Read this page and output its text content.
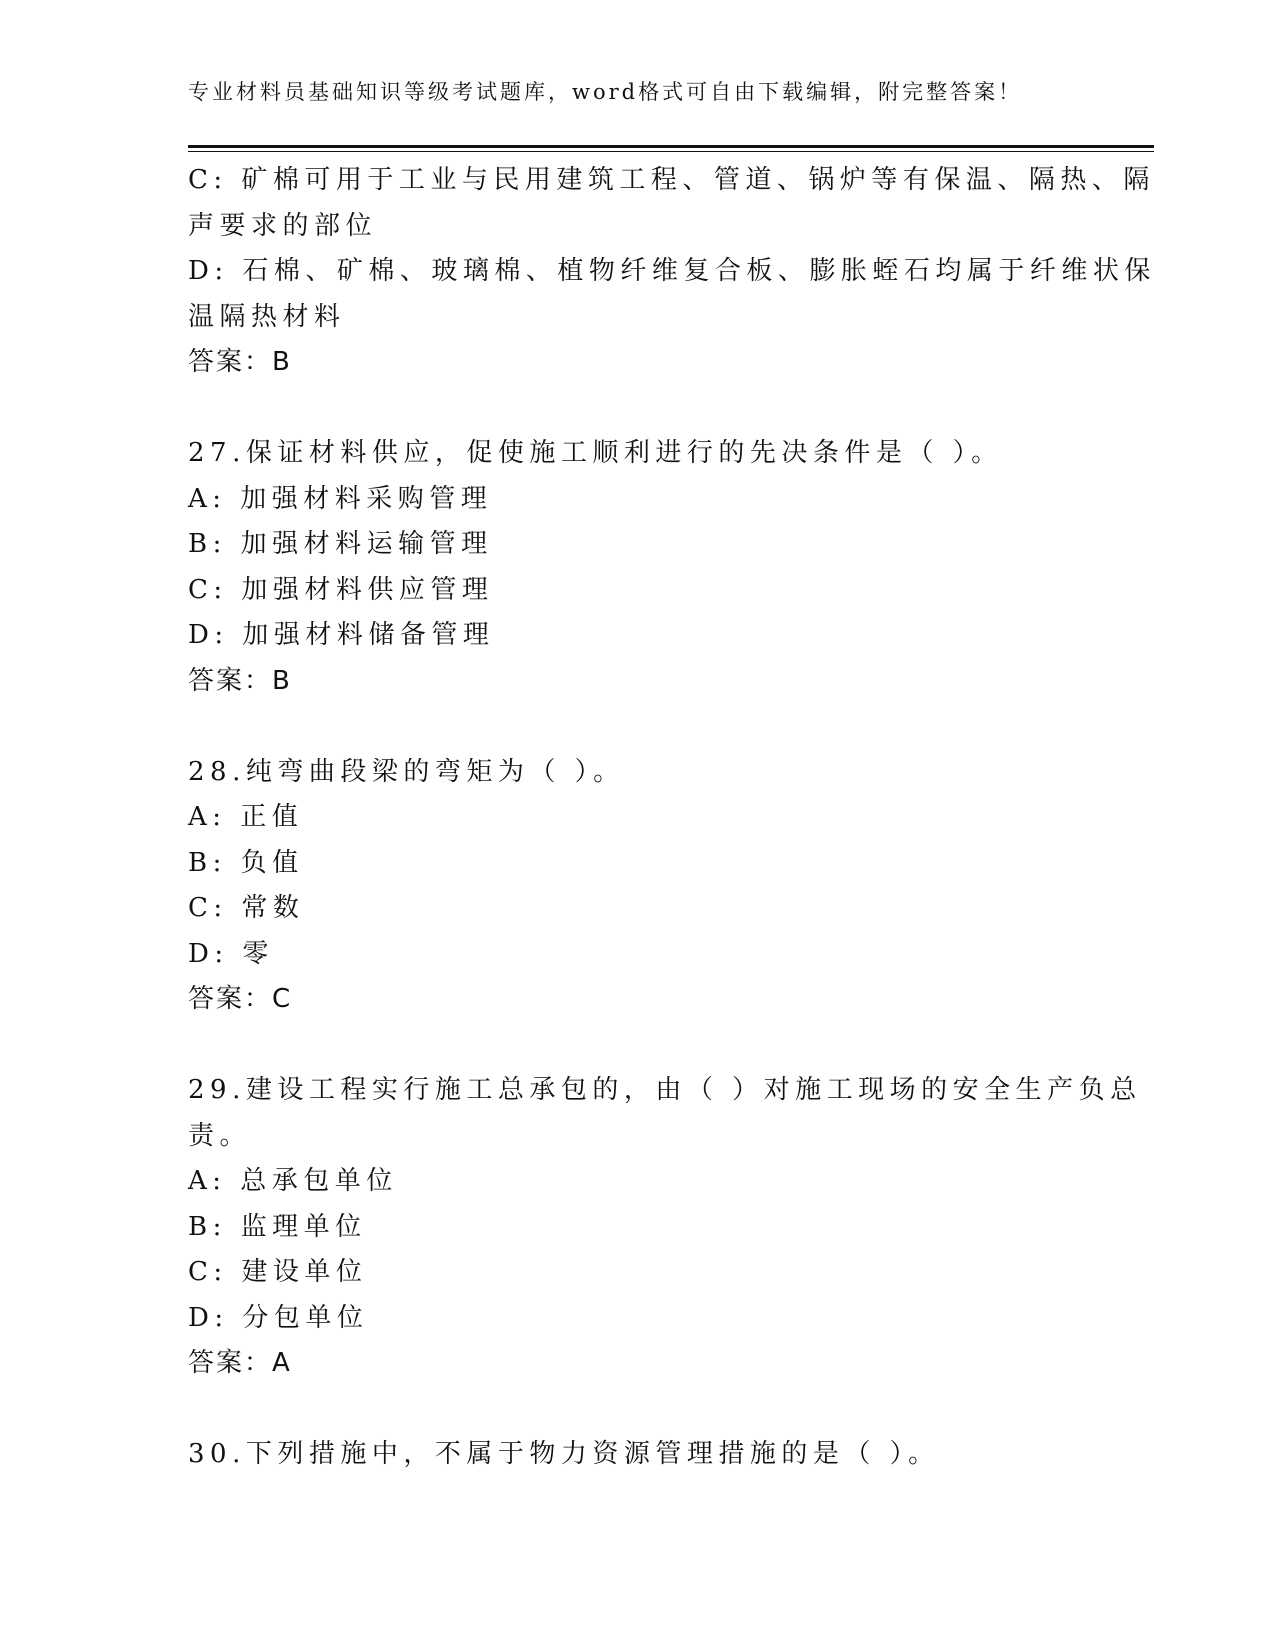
专业材料员基础知识等级考试题库，word格式可自由下载编辑，附完整答案！
C: 矿棉可用于工业与民用建筑工程、管道、锅炉等有保温、隔热、隔
声要求的部位
D: 石棉、矿棉、玻璃棉、植物纤维复合板、膨胀蛭石均属于纤维状保
温隔热材料
答案：B
27.保证材料供应，促使施工顺利进行的先决条件是（ ）。
A: 加强材料采购管理
B: 加强材料运输管理
C: 加强材料供应管理
D: 加强材料储备管理
答案：B
28.纯弯曲段梁的弯矩为（ ）。
A: 正值
B: 负值
C: 常数
D: 零
答案：C
29.建设工程实行施工总承包的，由（ ）对施工现场的安全生产负总
责。
A: 总承包单位
B: 监理单位
C: 建设单位
D: 分包单位
答案：A
30.下列措施中，不属于物力资源管理措施的是（ ）。
